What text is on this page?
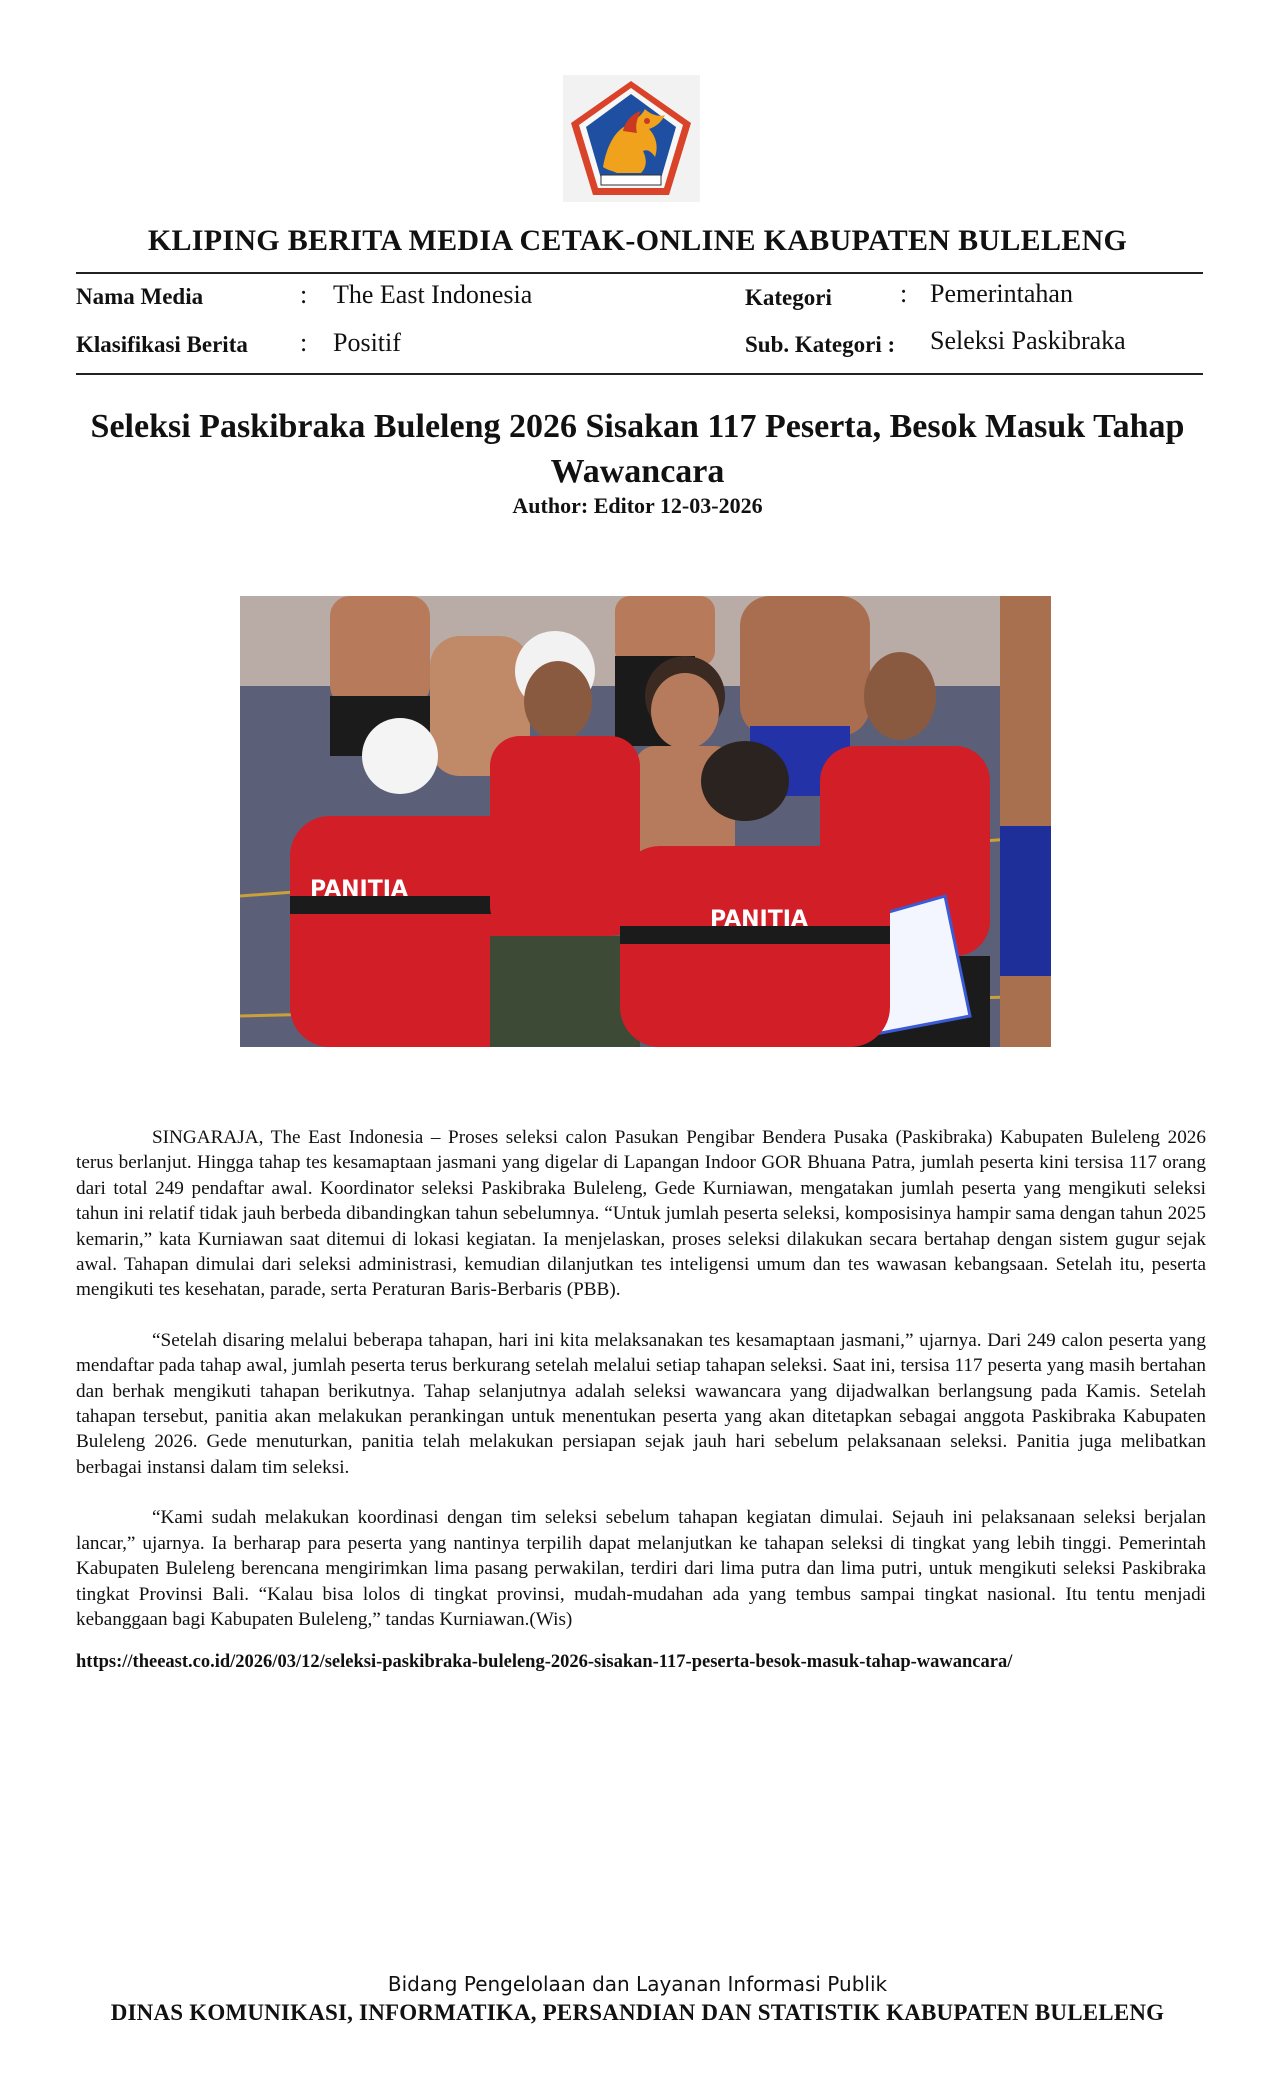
KLIPING BERITA MEDIA CETAK-ONLINE KABUPATEN BULELENG
Nama Media	: The East Indonesia
Klasifikasi Berita : Positif
Kategori	: Pemerintahan
Sub. Kategori : Seleksi Paskibraka
Seleksi Paskibraka Buleleng 2026 Sisakan 117 Peserta, Besok Masuk Tahap Wawancara
Author: Editor 12-03-2026
PANITIA
PANITIA

SINGARAJA, The East Indonesia – Proses seleksi calon Pasukan Pengibar Bendera Pusaka (Paskibraka) Kabupaten Buleleng 2026 terus berlanjut. Hingga tahap tes kesamaptaan jasmani yang digelar di Lapangan Indoor GOR Bhuana Patra, jumlah peserta kini tersisa 117 orang dari total 249 pendaftar awal. Koordinator seleksi Paskibraka Buleleng, Gede Kurniawan, mengatakan jumlah peserta yang mengikuti seleksi tahun ini relatif tidak jauh berbeda dibandingkan tahun sebelumnya. “Untuk jumlah peserta seleksi, komposisinya hampir sama dengan tahun 2025 kemarin,” kata Kurniawan saat ditemui di lokasi kegiatan. Ia menjelaskan, proses seleksi dilakukan secara bertahap dengan sistem gugur sejak awal. Tahapan dimulai dari seleksi administrasi, kemudian dilanjutkan tes inteligensi umum dan tes wawasan kebangsaan. Setelah itu, peserta mengikuti tes kesehatan, parade, serta Peraturan Baris-Berbaris (PBB).

“Setelah disaring melalui beberapa tahapan, hari ini kita melaksanakan tes kesamaptaan jasmani,” ujarnya. Dari 249 calon peserta yang mendaftar pada tahap awal, jumlah peserta terus berkurang setelah melalui setiap tahapan seleksi. Saat ini, tersisa 117 peserta yang masih bertahan dan berhak mengikuti tahapan berikutnya. Tahap selanjutnya adalah seleksi wawancara yang dijadwalkan berlangsung pada Kamis. Setelah tahapan tersebut, panitia akan melakukan perankingan untuk menentukan peserta yang akan ditetapkan sebagai anggota Paskibraka Kabupaten Buleleng 2026. Gede menuturkan, panitia telah melakukan persiapan sejak jauh hari sebelum pelaksanaan seleksi. Panitia juga melibatkan berbagai instansi dalam tim seleksi.

“Kami sudah melakukan koordinasi dengan tim seleksi sebelum tahapan kegiatan dimulai. Sejauh ini pelaksanaan seleksi berjalan lancar,” ujarnya. Ia berharap para peserta yang nantinya terpilih dapat melanjutkan ke tahapan seleksi di tingkat yang lebih tinggi. Pemerintah Kabupaten Buleleng berencana mengirimkan lima pasang perwakilan, terdiri dari lima putra dan lima putri, untuk mengikuti seleksi Paskibraka tingkat Provinsi Bali. “Kalau bisa lolos di tingkat provinsi, mudah-mudahan ada yang tembus sampai tingkat nasional. Itu tentu menjadi kebanggaan bagi Kabupaten Buleleng,” tandas Kurniawan.(Wis)

https://theeast.co.id/2026/03/12/seleksi-paskibraka-buleleng-2026-sisakan-117-peserta-besok-masuk-tahap-wawancara/
Bidang Pengelolaan dan Layanan Informasi Publik
DINAS KOMUNIKASI, INFORMATIKA, PERSANDIAN DAN STATISTIK KABUPATEN BULELENG
